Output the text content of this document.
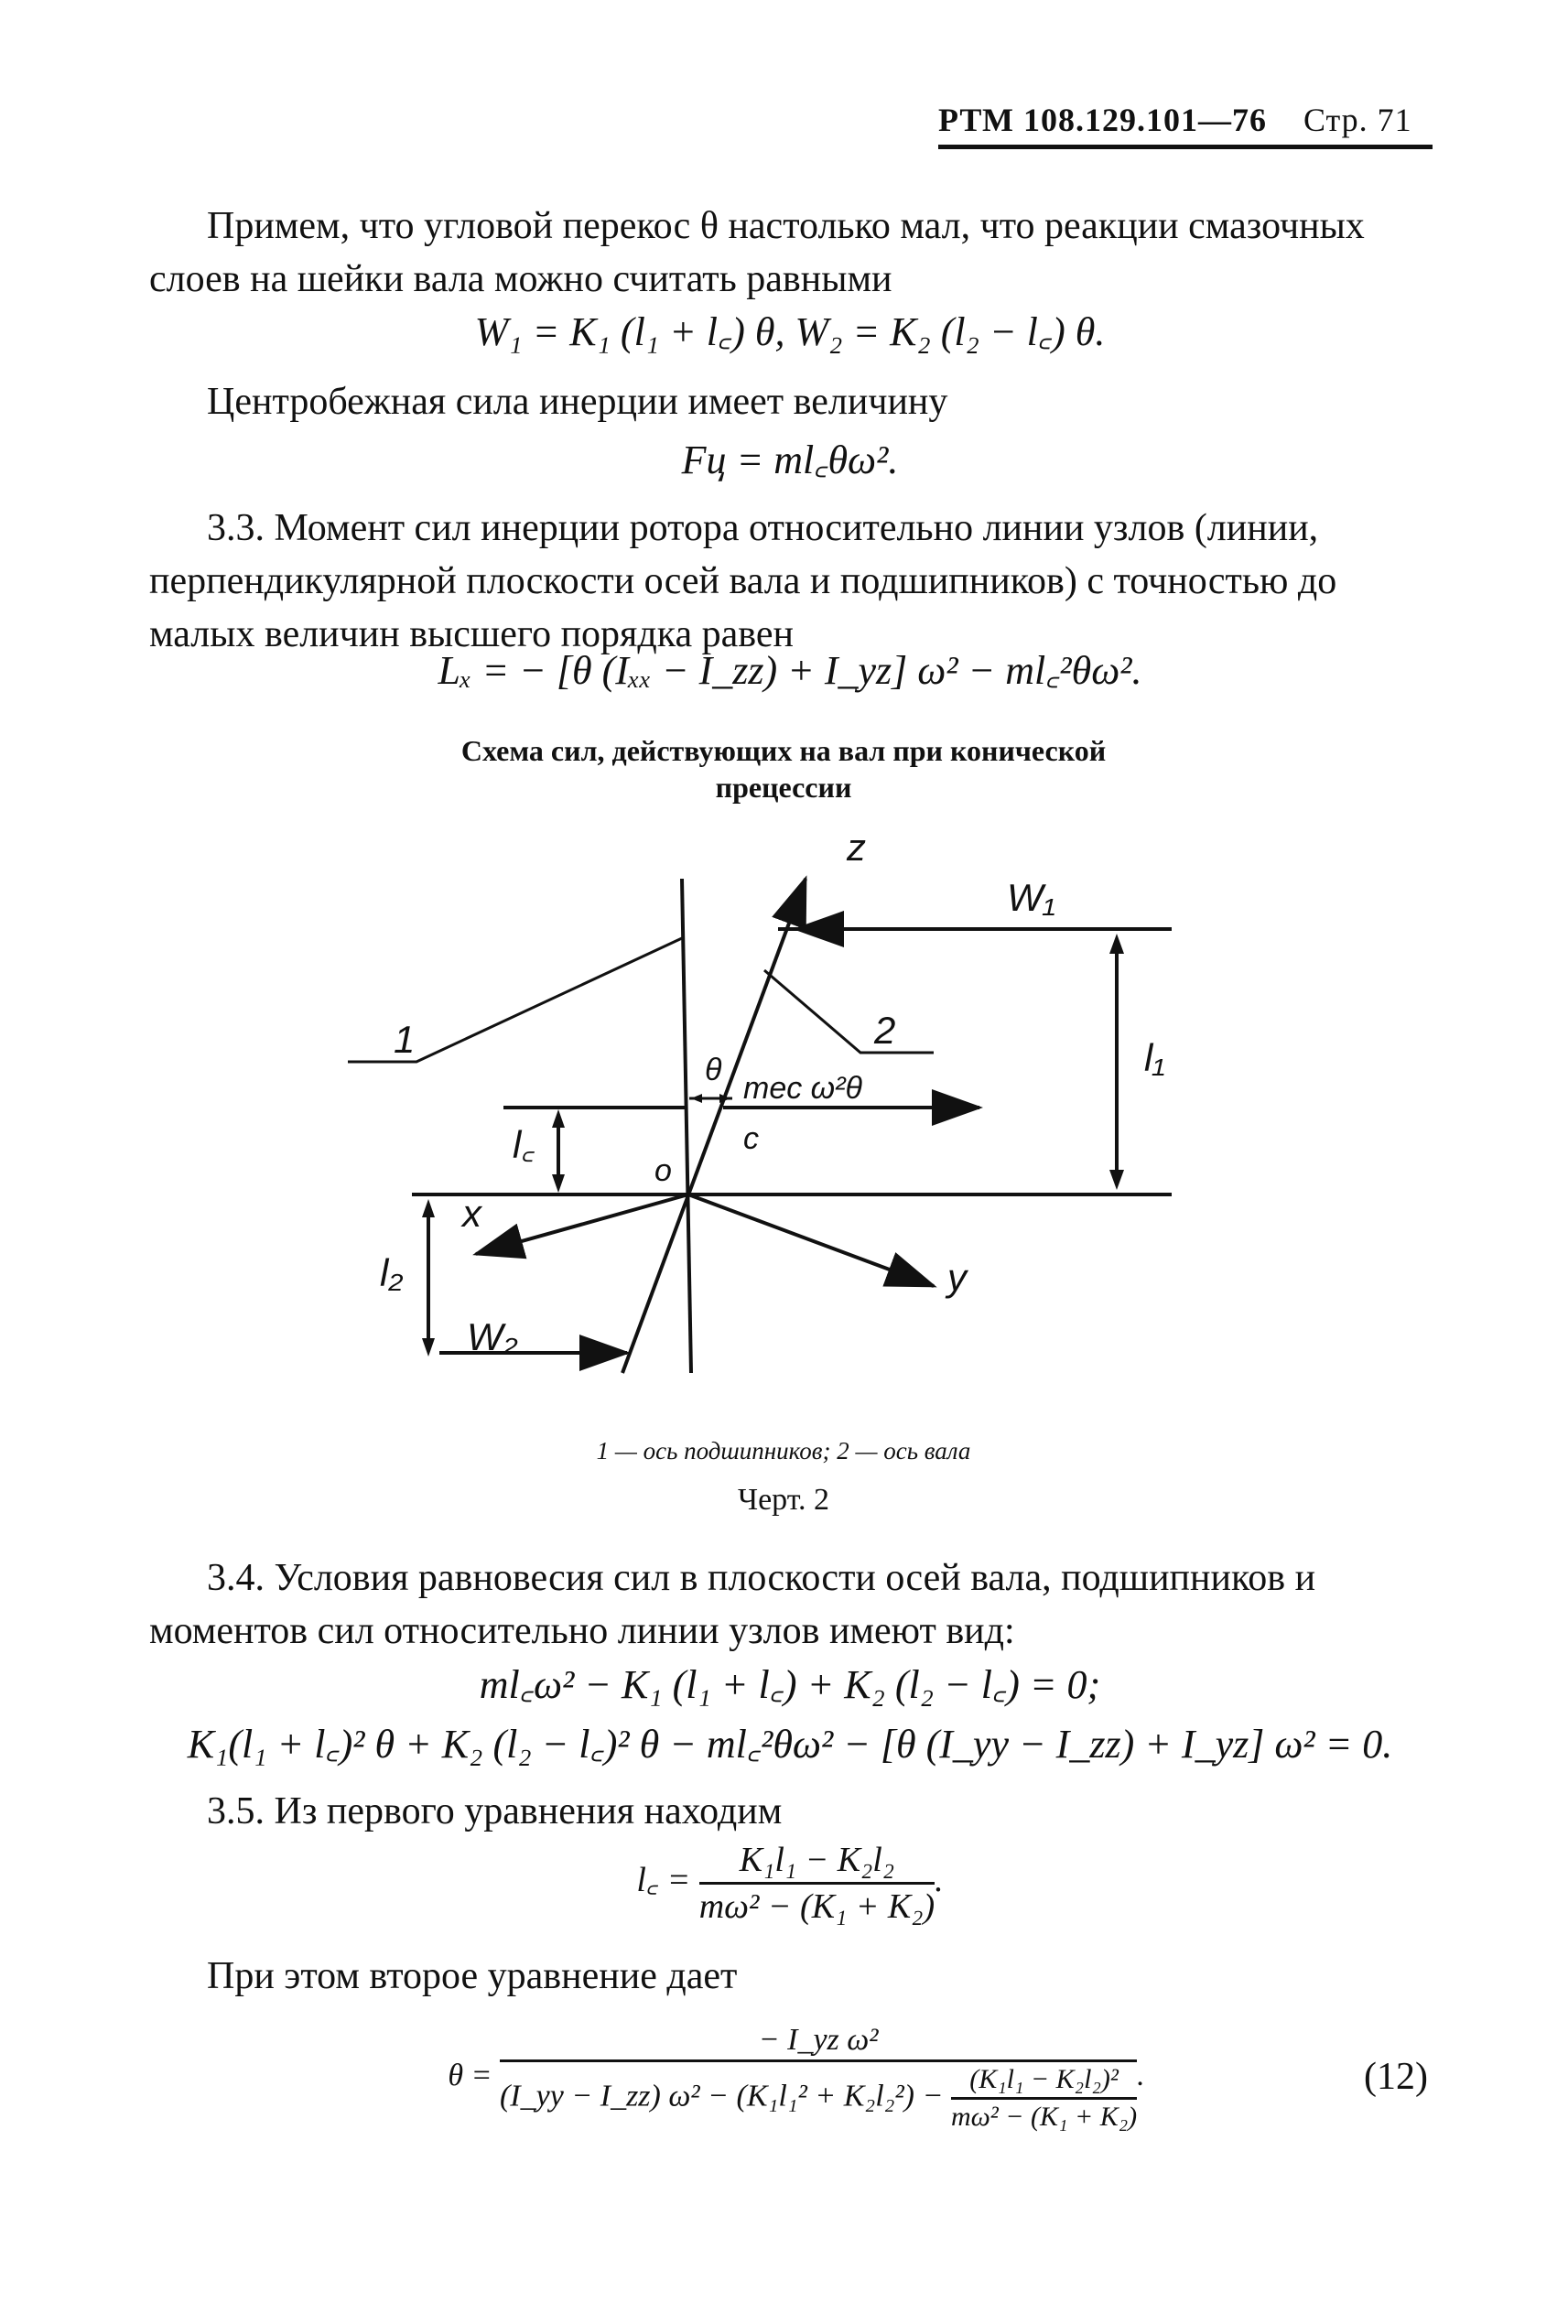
РТМ 108.129.101—76 Стр. 71
Примем, что угловой перекос θ настолько мал, что реакции смазочных слоев на шейки вала можно считать равными
W₁ = K₁ (l₁ + l꜀) θ, W₂ = K₂ (l₂ − l꜀) θ.
Центробежная сила инерции имеет величину
Fц = ml꜀θω².
3.3. Момент сил инерции ротора относительно линии узлов (линии, перпендикулярной плоскости осей вала и подшипников) с точностью до малых величин высшего порядка равен
Lₓ = − [θ (Iₓₓ − I_zz) + I_yz] ω² − ml꜀²θω².
Схема сил, действующих на вал при конической
прецессии
z
W₁
1	2
θ
mec ω²θ
c
o
x
y
W₂
l₁
l꜀
l₂
1 — ось подшипников; 2 — ось вала
Черт. 2
3.4. Условия равновесия сил в плоскости осей вала, подшипников и моментов сил относительно линии узлов имеют вид:
ml꜀ω² − K₁ (l₁ + l꜀) + K₂ (l₂ − l꜀) = 0;
K₁(l₁ + l꜀)² θ + K₂ (l₂ − l꜀)² θ − ml꜀²θω² − [θ (I_yy − I_zz) + I_yz] ω² = 0.
3.5. Из первого уравнения находим
l꜀ = $\frac{\text{K₁l₁ − K₂l₂}}{\text{mω² − (K₁ + K₂)}}$ .
При этом второе уравнение дает
θ =
− I_yz ω²
(I_yy − I_zz) $\omega^2 - (K_1l_1^2 + K_2l_2^2) - \frac{\text{(K₁l₁ − K₂l₂)²}}{\text{mω² − (K₁ + K₂)}}$ .	(12)
